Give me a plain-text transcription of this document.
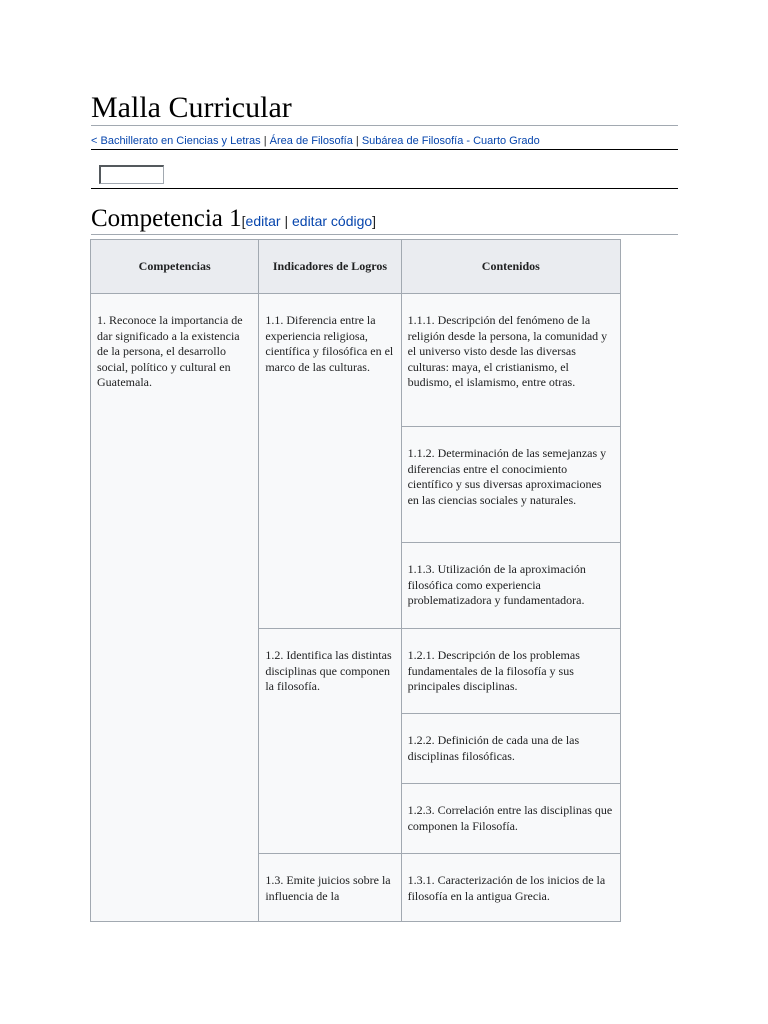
Malla Curricular
< Bachillerato en Ciencias y Letras | Área de Filosofía | Subárea de Filosofía - Cuarto Grado
Competencia 1[editar | editar código]
Competencias	Indicadores de Logros	Contenidos
1. Reconoce la importancia de dar significado a la existencia de la persona, el desarrollo social, político y cultural en Guatemala.	1.1. Diferencia entre la experiencia religiosa, científica y filosófica en el marco de las culturas.	1.1.1. Descripción del fenómeno de la religión desde la persona, la comunidad y el universo visto desde las diversas culturas: maya, el cristianismo, el budismo, el islamismo, entre otras.
		1.1.2. Determinación de las semejanzas y diferencias entre el conocimiento científico y sus diversas aproximaciones en las ciencias sociales y naturales.
		1.1.3. Utilización de la aproximación filosófica como experiencia problematizadora y fundamentadora.
	1.2. Identifica las distintas disciplinas que componen la filosofía.	1.2.1. Descripción de los problemas fundamentales de la filosofía y sus principales disciplinas.
		1.2.2. Definición de cada una de las disciplinas filosóficas.
		1.2.3. Correlación entre las disciplinas que componen la Filosofía.
	1.3. Emite juicios sobre la influencia de la	1.3.1. Caracterización de los inicios de la filosofía en la antigua Grecia.
